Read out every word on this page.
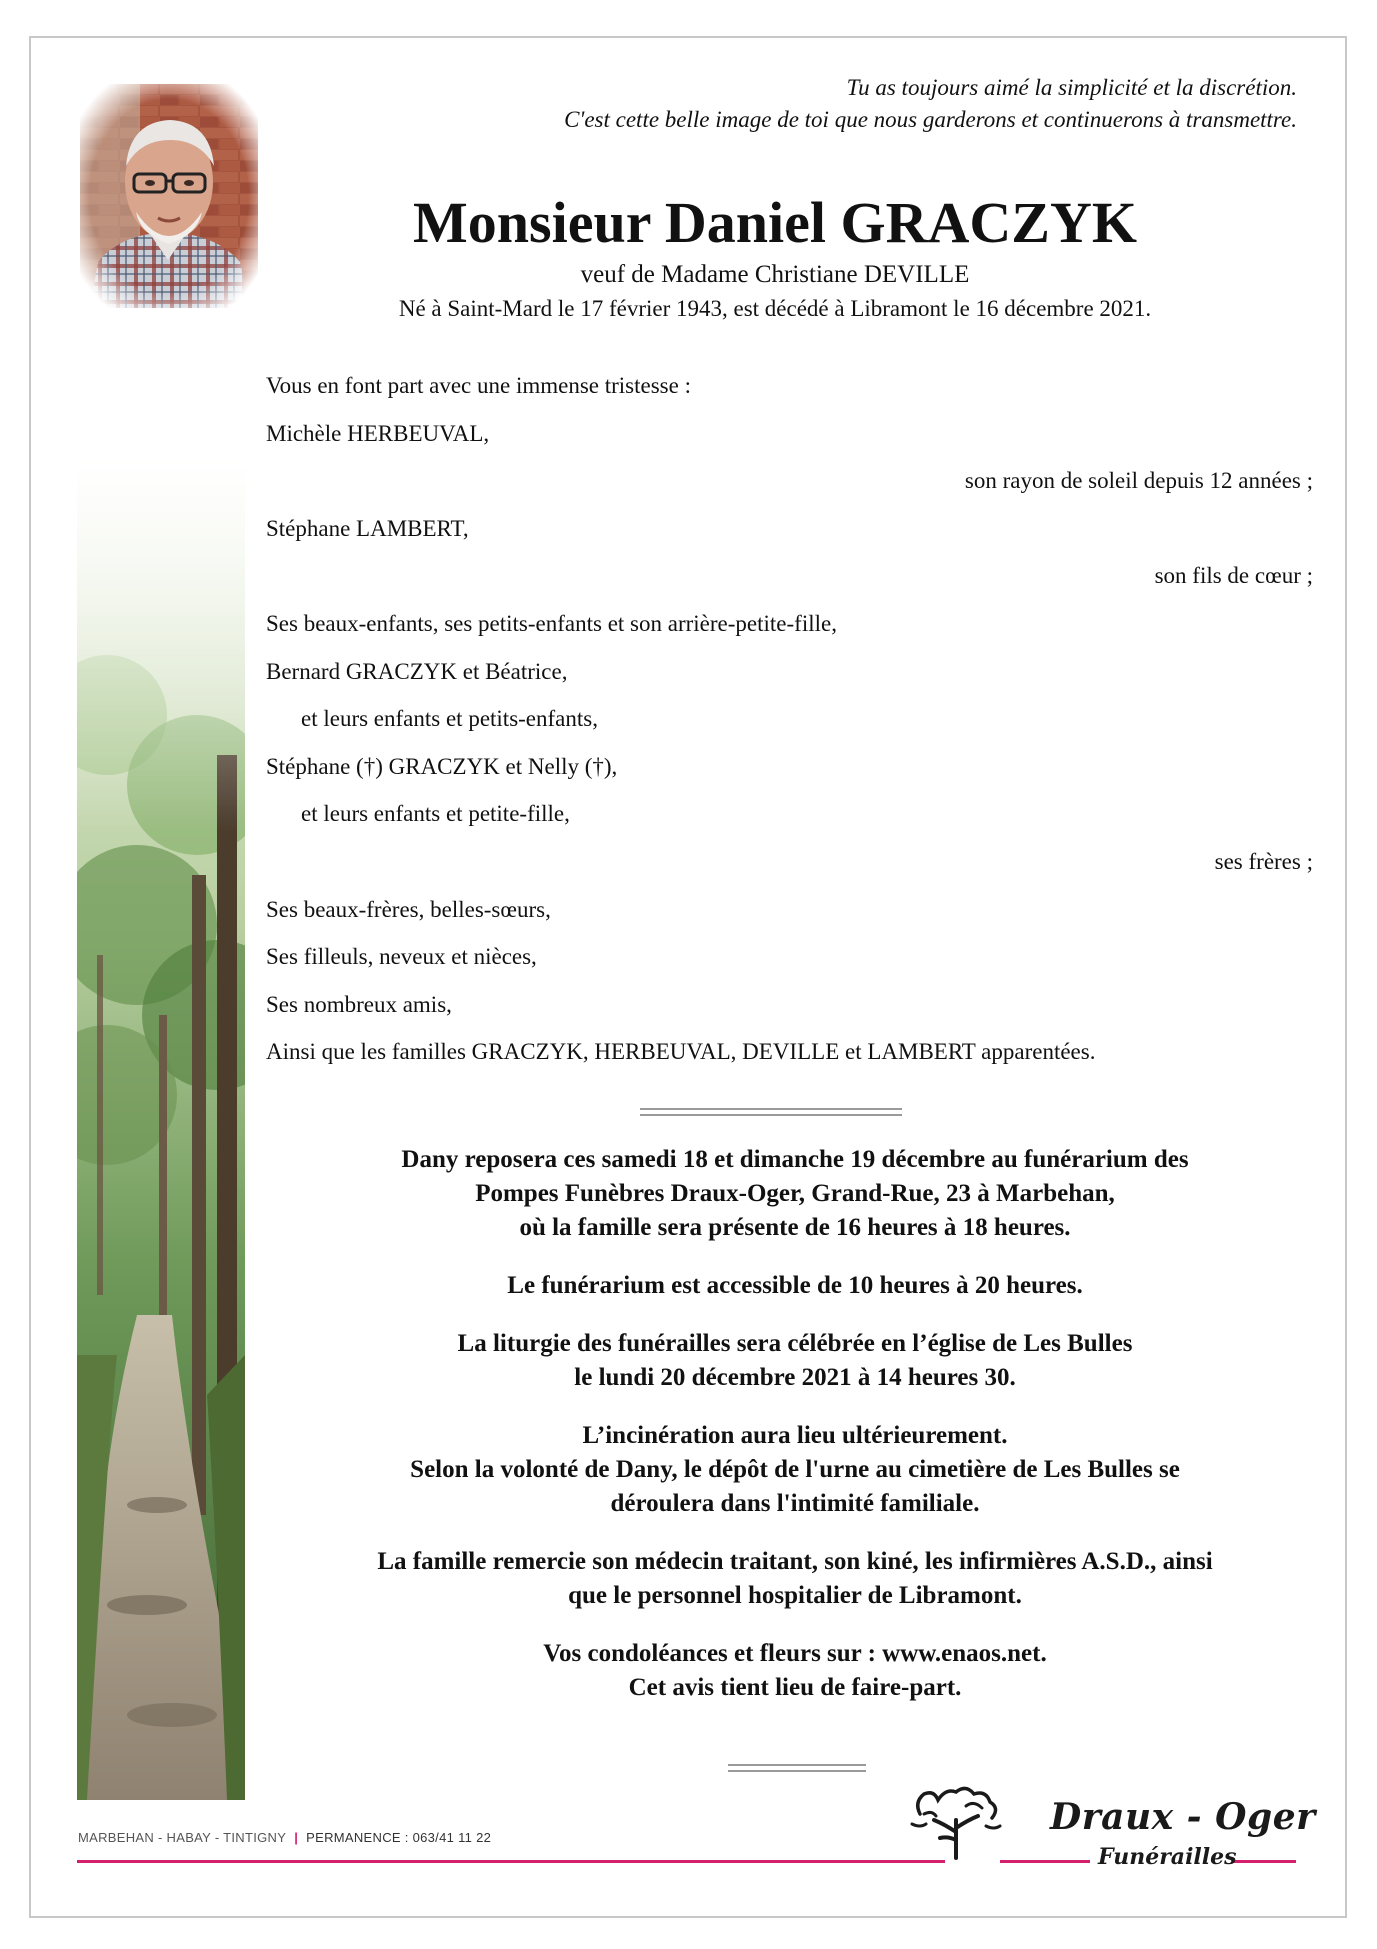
Tu as toujours aimé la simplicité et la discrétion.
C'est cette belle image de toi que nous garderons et continuerons à transmettre.
Monsieur Daniel GRACZYK
veuf de Madame Christiane DEVILLE
Né à Saint-Mard le 17 février 1943, est décédé à Libramont le 16 décembre 2021.
Vous en font part avec une immense tristesse :
Michèle HERBEUVAL,
son rayon de soleil depuis 12 années ;
Stéphane LAMBERT,
son fils de cœur ;
Ses beaux-enfants, ses petits-enfants et son arrière-petite-fille,
Bernard GRACZYK et Béatrice,
et leurs enfants et petits-enfants,
Stéphane (†) GRACZYK et Nelly (†),
et leurs enfants et petite-fille,
ses frères ;
Ses beaux-frères, belles-sœurs,
Ses filleuls, neveux et nièces,
Ses nombreux amis,
Ainsi que les familles GRACZYK, HERBEUVAL, DEVILLE et LAMBERT apparentées.
Dany reposera ces samedi 18 et dimanche 19 décembre au funérarium des
Pompes Funèbres Draux-Oger, Grand-Rue, 23 à Marbehan,
où la famille sera présente de 16 heures à 18 heures.
Le funérarium est accessible de 10 heures à 20 heures.
La liturgie des funérailles sera célébrée en l’église de Les Bulles
le lundi 20 décembre 2021 à 14 heures 30.
L’incinération aura lieu ultérieurement.
Selon la volonté de Dany, le dépôt de l'urne au cimetière de Les Bulles se
déroulera dans l'intimité familiale.
La famille remercie son médecin traitant, son kiné, les infirmières A.S.D., ainsi
que le personnel hospitalier de Libramont.
Vos condoléances et fleurs sur : www.enaos.net.
Cet avis tient lieu de faire-part.
MARBEHAN - HABAY - TINTIGNY | PERMANENCE : 063/41 11 22	Draux - Oger
Funérailles
